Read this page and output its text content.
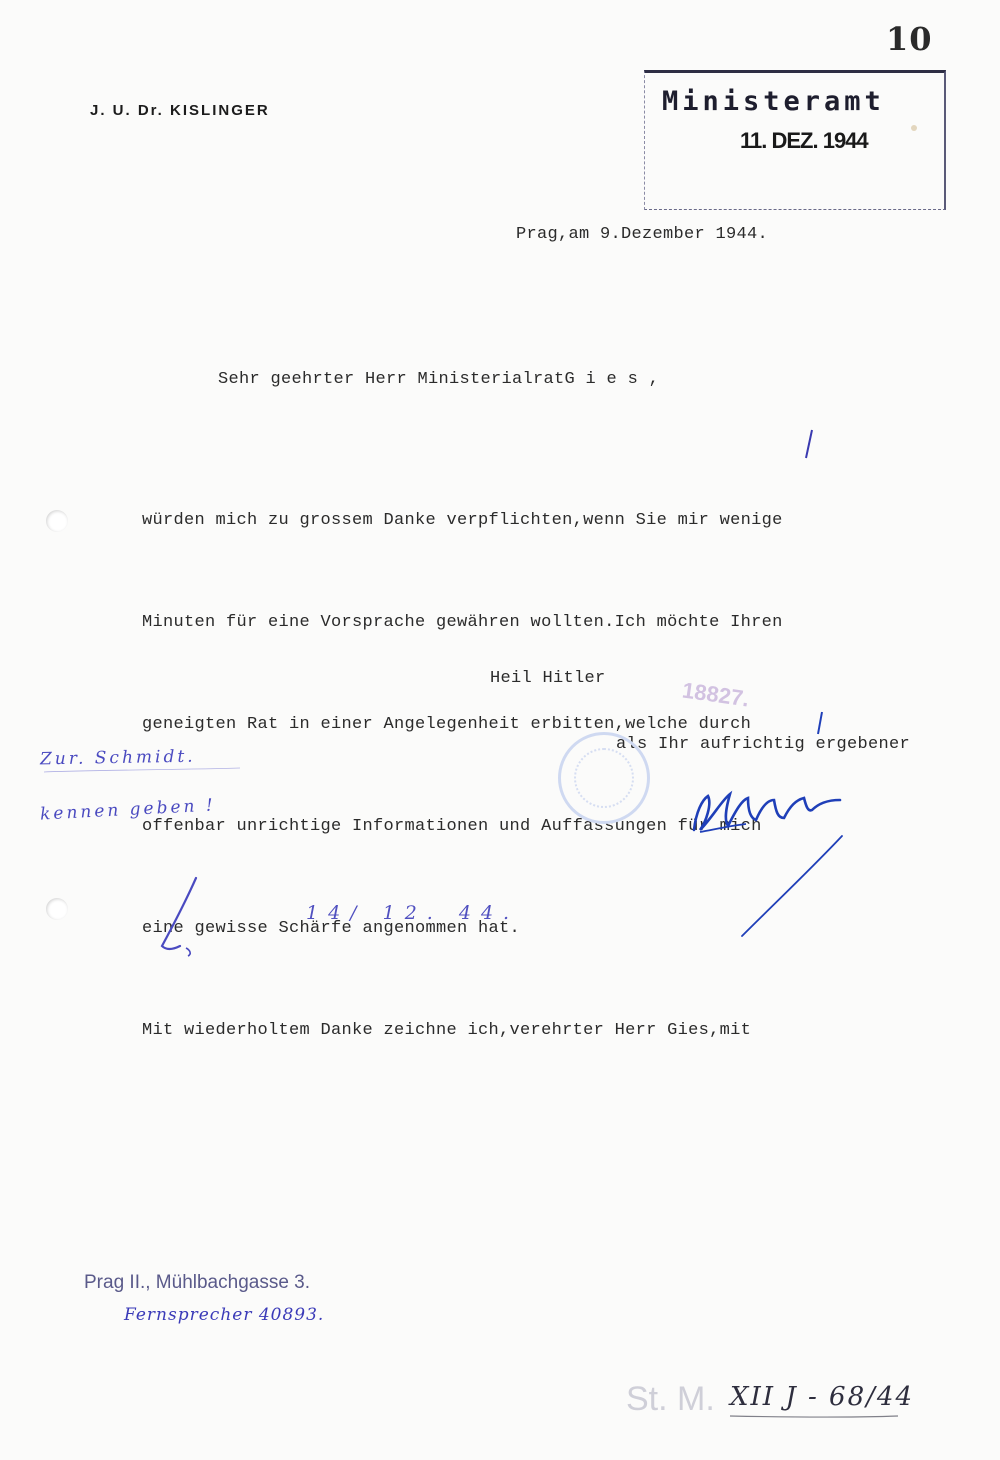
10
J. U. Dr. KISLINGER	Ministeramt
11. DEZ. 1944
Prag,am 9.Dezember 1944.
Sehr geehrter Herr MinisterialratG i e s ,

würden mich zu grossem Danke verpflichten,wenn Sie mir wenige

Minuten für eine Vorsprache gewähren wollten.Ich möchte Ihren

geneigten Rat in einer Angelegenheit erbitten,welche durch

offenbar unrichtige Informationen und Auffassungen für mich

eine gewisse Schärfe angenommen hat.

Mit wiederholtem Danke zeichne ich,verehrter Herr Gies,mit

Heil Hitler
als Ihr aufrichtig ergebener
18827.
Zur. Schmidt.
kennen geben !
14/ 12. 44.
Prag II., Mühlbachgasse 3.
Fernsprecher 40893.
St. M. XII J - 68/44
